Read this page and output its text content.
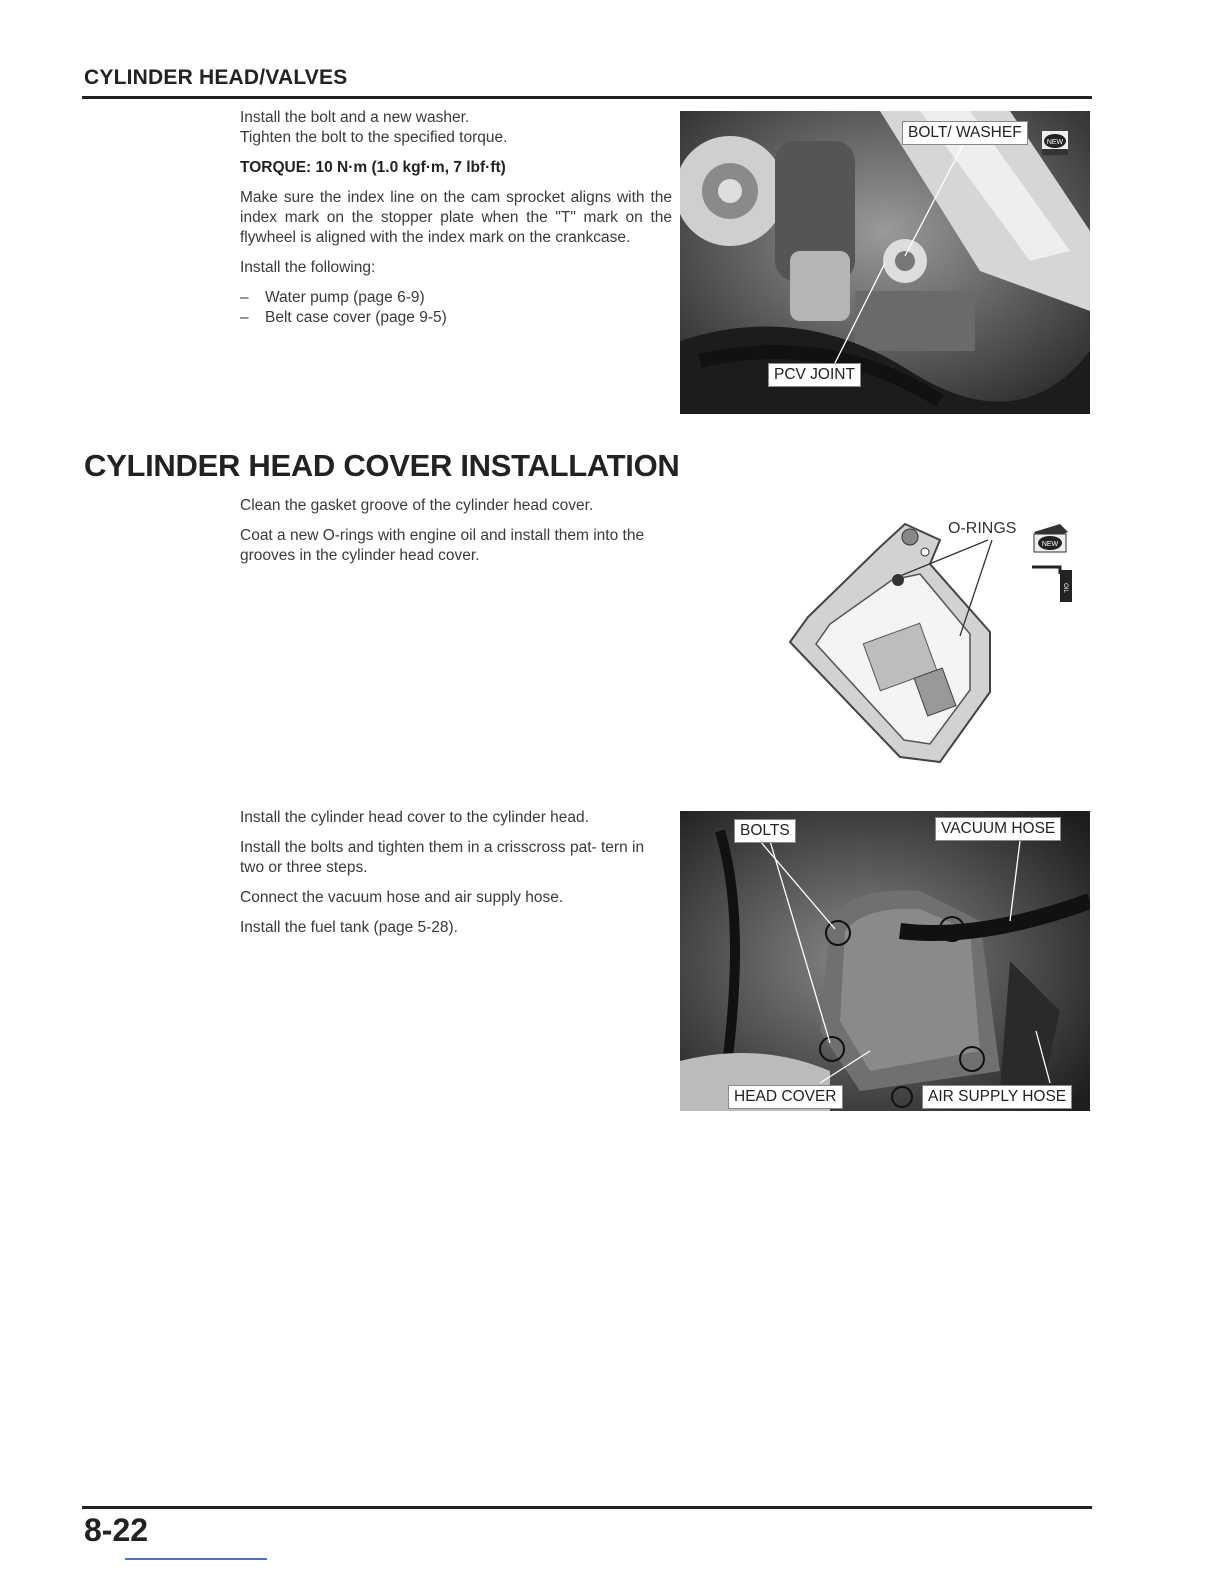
CYLINDER HEAD/VALVES

Install the bolt and a new washer.

Tighten the bolt to the specified torque.

TORQUE: 10 N·m (1.0 kgf·m, 7 lbf·ft)

Make sure the index line on the cam sprocket aligns with the index mark on the stopper plate when the "T" mark on the flywheel is aligned with the index mark on the crankcase.

Install the following:

– Water pump (page 6-9)
– Belt case cover (page 9-5)
NEW
BOLT/ WASHEF
PCV JOINT
CYLINDER HEAD COVER INSTALLATION

Clean the gasket groove of the cylinder head cover.

Coat a new O-rings with engine oil and install them into the grooves in the cylinder head cover.

NEW
OIL
O-RINGS

Install the cylinder head cover to the cylinder head.

Install the bolts and tighten them in a crisscross pat- tern in two or three steps.

Connect the vacuum hose and air supply hose.

Install the fuel tank (page 5-28).

BOLTS	VACUUM HOSE
HEAD COVER	AIR SUPPLY HOSE
8-22
